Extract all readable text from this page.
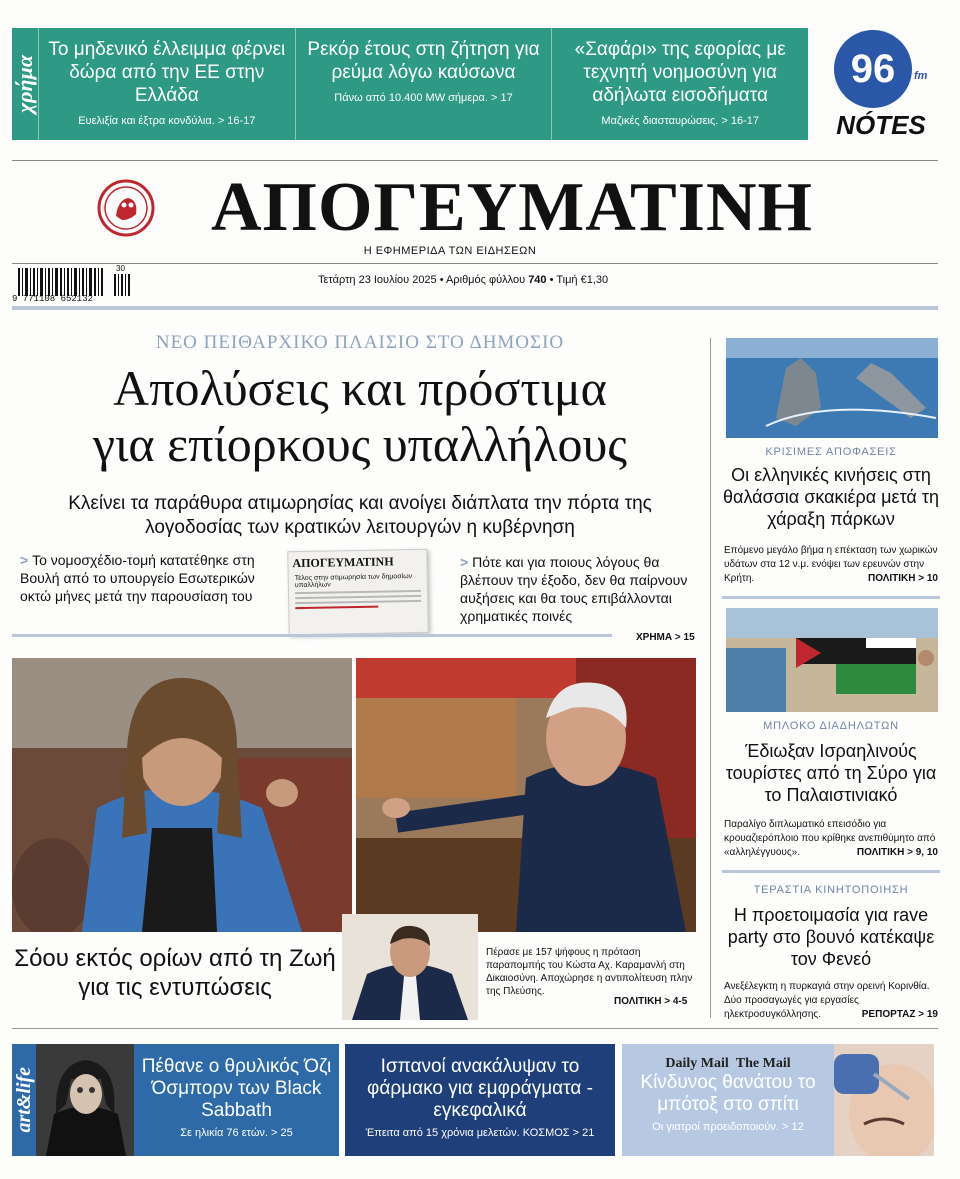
χρήμα
Το μηδενικό έλλειμμα φέρνει δώρα από την ΕΕ στην Ελλάδα
Ευελιξία και έξτρα κονδύλια. > 16-17
Ρεκόρ έτους στη ζήτηση για ρεύμα λόγω καύσωνα
Πάνω από 10.400 MW σήμερα. > 17
«Σαφάρι» της εφορίας με τεχνητή νοημοσύνη για αδήλωτα εισοδήματα
Μαζικές διασταυρώσεις. > 16-17
96	fm
NÓTES
ΑΠΟΓΕΥΜΑΤΙΝΗ
Η ΕΦΗΜΕΡΙΔΑ ΤΩΝ ΕΙΔΗΣΕΩΝ
30
9 771108 652132
Τετάρτη 23 Ιουλίου 2025 • Αριθμός φύλλου 740 • Τιμή €1,30
ΝΕΟ ΠΕΙΘΑΡΧΙΚΟ ΠΛΑΙΣΙΟ ΣΤΟ ΔΗΜΟΣΙΟ
Απολύσεις και πρόστιμα
για επίορκους υπαλλήλους
Κλείνει τα παράθυρα ατιμωρησίας και ανοίγει διάπλατα την πόρτα της λογοδοσίας των κρατικών λειτουργών η κυβέρνηση
> Το νομοσχέδιο-τομή κατατέθηκε στη Βουλή από το υπουργείο Εσωτερικών οκτώ μήνες μετά την παρουσίαση του
ΑΠΟΓΕΥΜΑΤΙΝΗ
Τέλος στην ατιμωρησία των δημοσίων υπαλλήλων
> Πότε και για ποιους λόγους θα βλέπουν την έξοδο, δεν θα παίρνουν αυξήσεις και θα τους επιβάλλονται χρηματικές ποινές
ΧΡΗΜΑ > 15
Σόου εκτός ορίων από τη Ζωή για τις εντυπώσεις
Πέρασε με 157 ψήφους η πρόταση παραπομπής του Κώστα Αχ. Καραμανλή στη Δικαιοσύνη. Αποχώρησε η αντιπολίτευση πλην της Πλεύσης.
ΠΟΛΙΤΙΚΗ > 4-5
ΚΡΙΣΙΜΕΣ ΑΠΟΦΑΣΕΙΣ
Οι ελληνικές κινήσεις στη θαλάσσια σκακιέρα μετά τη χάραξη πάρκων
Επόμενο μεγάλο βήμα η επέκταση των χωρικών υδάτων στα 12 ν.μ. ενόψει των ερευνών στην Κρήτη.	ΠΟΛΙΤΙΚΗ > 10
ΜΠΛΟΚΟ ΔΙΑΔΗΛΩΤΩΝ
Έδιωξαν Ισραηλινούς τουρίστες από τη Σύρο για το Παλαιστινιακό
Παραλίγο διπλωματικό επεισόδιο για κρουαζιερόπλοιο που κρίθηκε ανεπιθύμητο από «αλληλέγγυους».	ΠΟΛΙΤΙΚΗ > 9, 10
ΤΕΡΑΣΤΙΑ ΚΙΝΗΤΟΠΟΙΗΣΗ
Η προετοιμασία για rave party στο βουνό κατέκαψε τον Φενεό
Ανεξέλεγκτη η πυρκαγιά στην ορεινή Κορινθία. Δύο προσαγωγές για εργασίες ηλεκτροσυγκόλλησης.	ΡΕΠΟΡΤΑΖ > 19
art&life
Πέθανε ο θρυλικός Όζι Όσμπορν των Black Sabbath
Σε ηλικία 76 ετών. > 25
Ισπανοί ανακάλυψαν το φάρμακο για εμφράγματα - εγκεφαλικά
Έπειτα από 15 χρόνια μελετών. ΚΟΣΜΟΣ > 21
Daily Mail The Mail
Κίνδυνος θανάτου το μπότοξ στο σπίτι
Οι γιατροί προειδοποιούν. > 12
